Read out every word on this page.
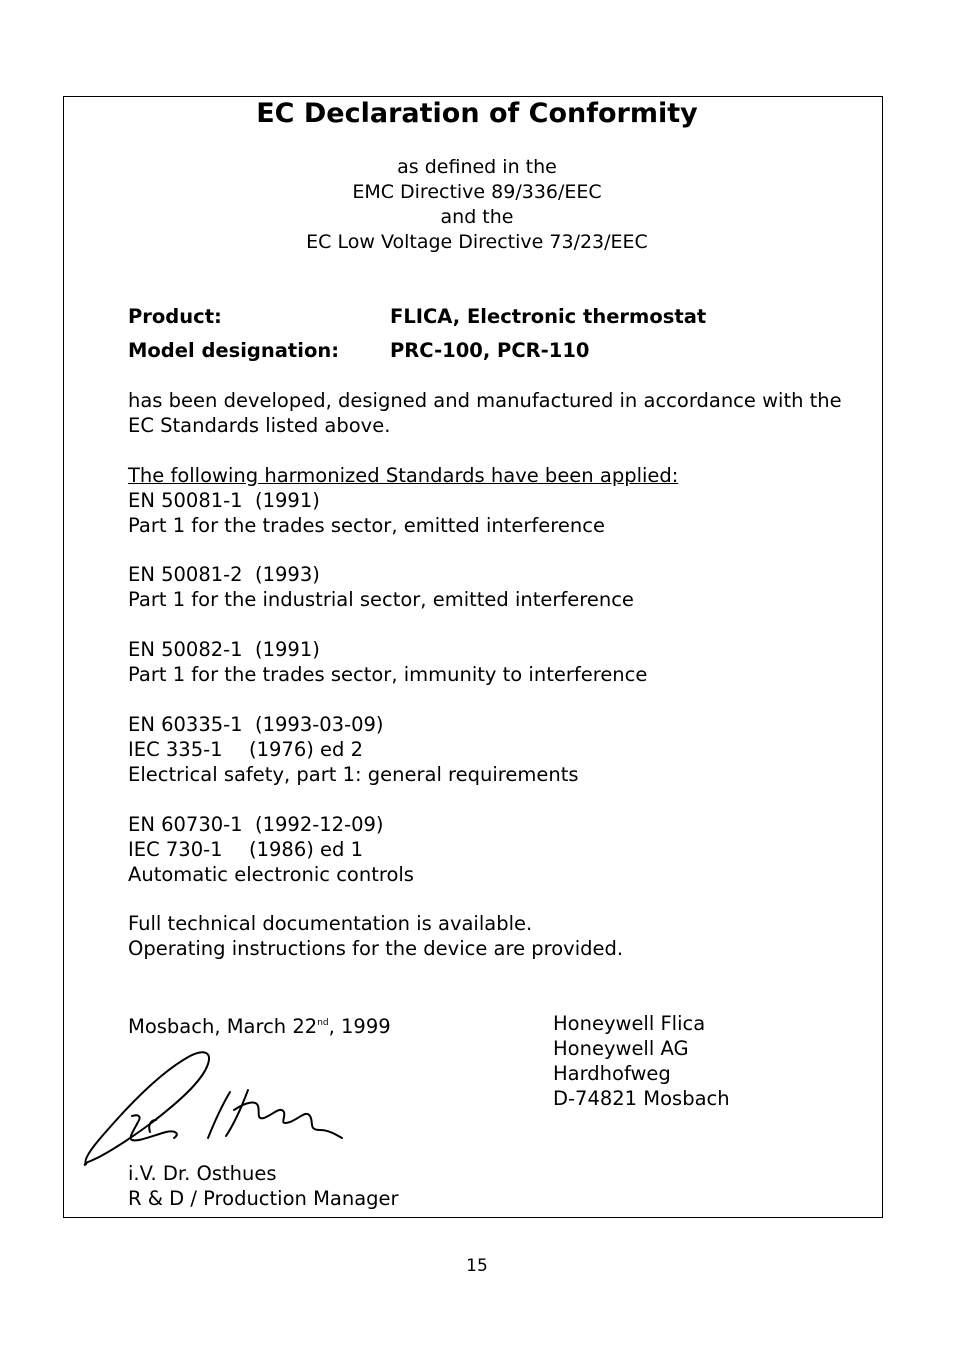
EC Declaration of Conformity
as defined in the
EMC Directive 89/336/EEC
and the
EC Low Voltage Directive 73/23/EEC
Product:	FLICA, Electronic thermostat
Model designation:	PRC-100, PCR-110
has been developed, designed and manufactured in accordance with the
EC Standards listed above.
The following harmonized Standards have been applied:
EN 50081-1 (1991)
Part 1 for the trades sector, emitted interference
EN 50081-2 (1993)
Part 1 for the industrial sector, emitted interference
EN 50082-1 (1991)
Part 1 for the trades sector, immunity to interference
EN 60335-1 (1993-03-09)
IEC 335-1 (1976) ed 2
Electrical safety, part 1: general requirements
EN 60730-1 (1992-12-09)
IEC 730-1 (1986) ed 1
Automatic electronic controls
Full technical documentation is available.
Operating instructions for the device are provided.
Mosbach, March 22nd, 1999	Honeywell Flica
Honeywell AG
Hardhofweg
D-74821 Mosbach
i.V. Dr. Osthues
R & D / Production Manager
15
